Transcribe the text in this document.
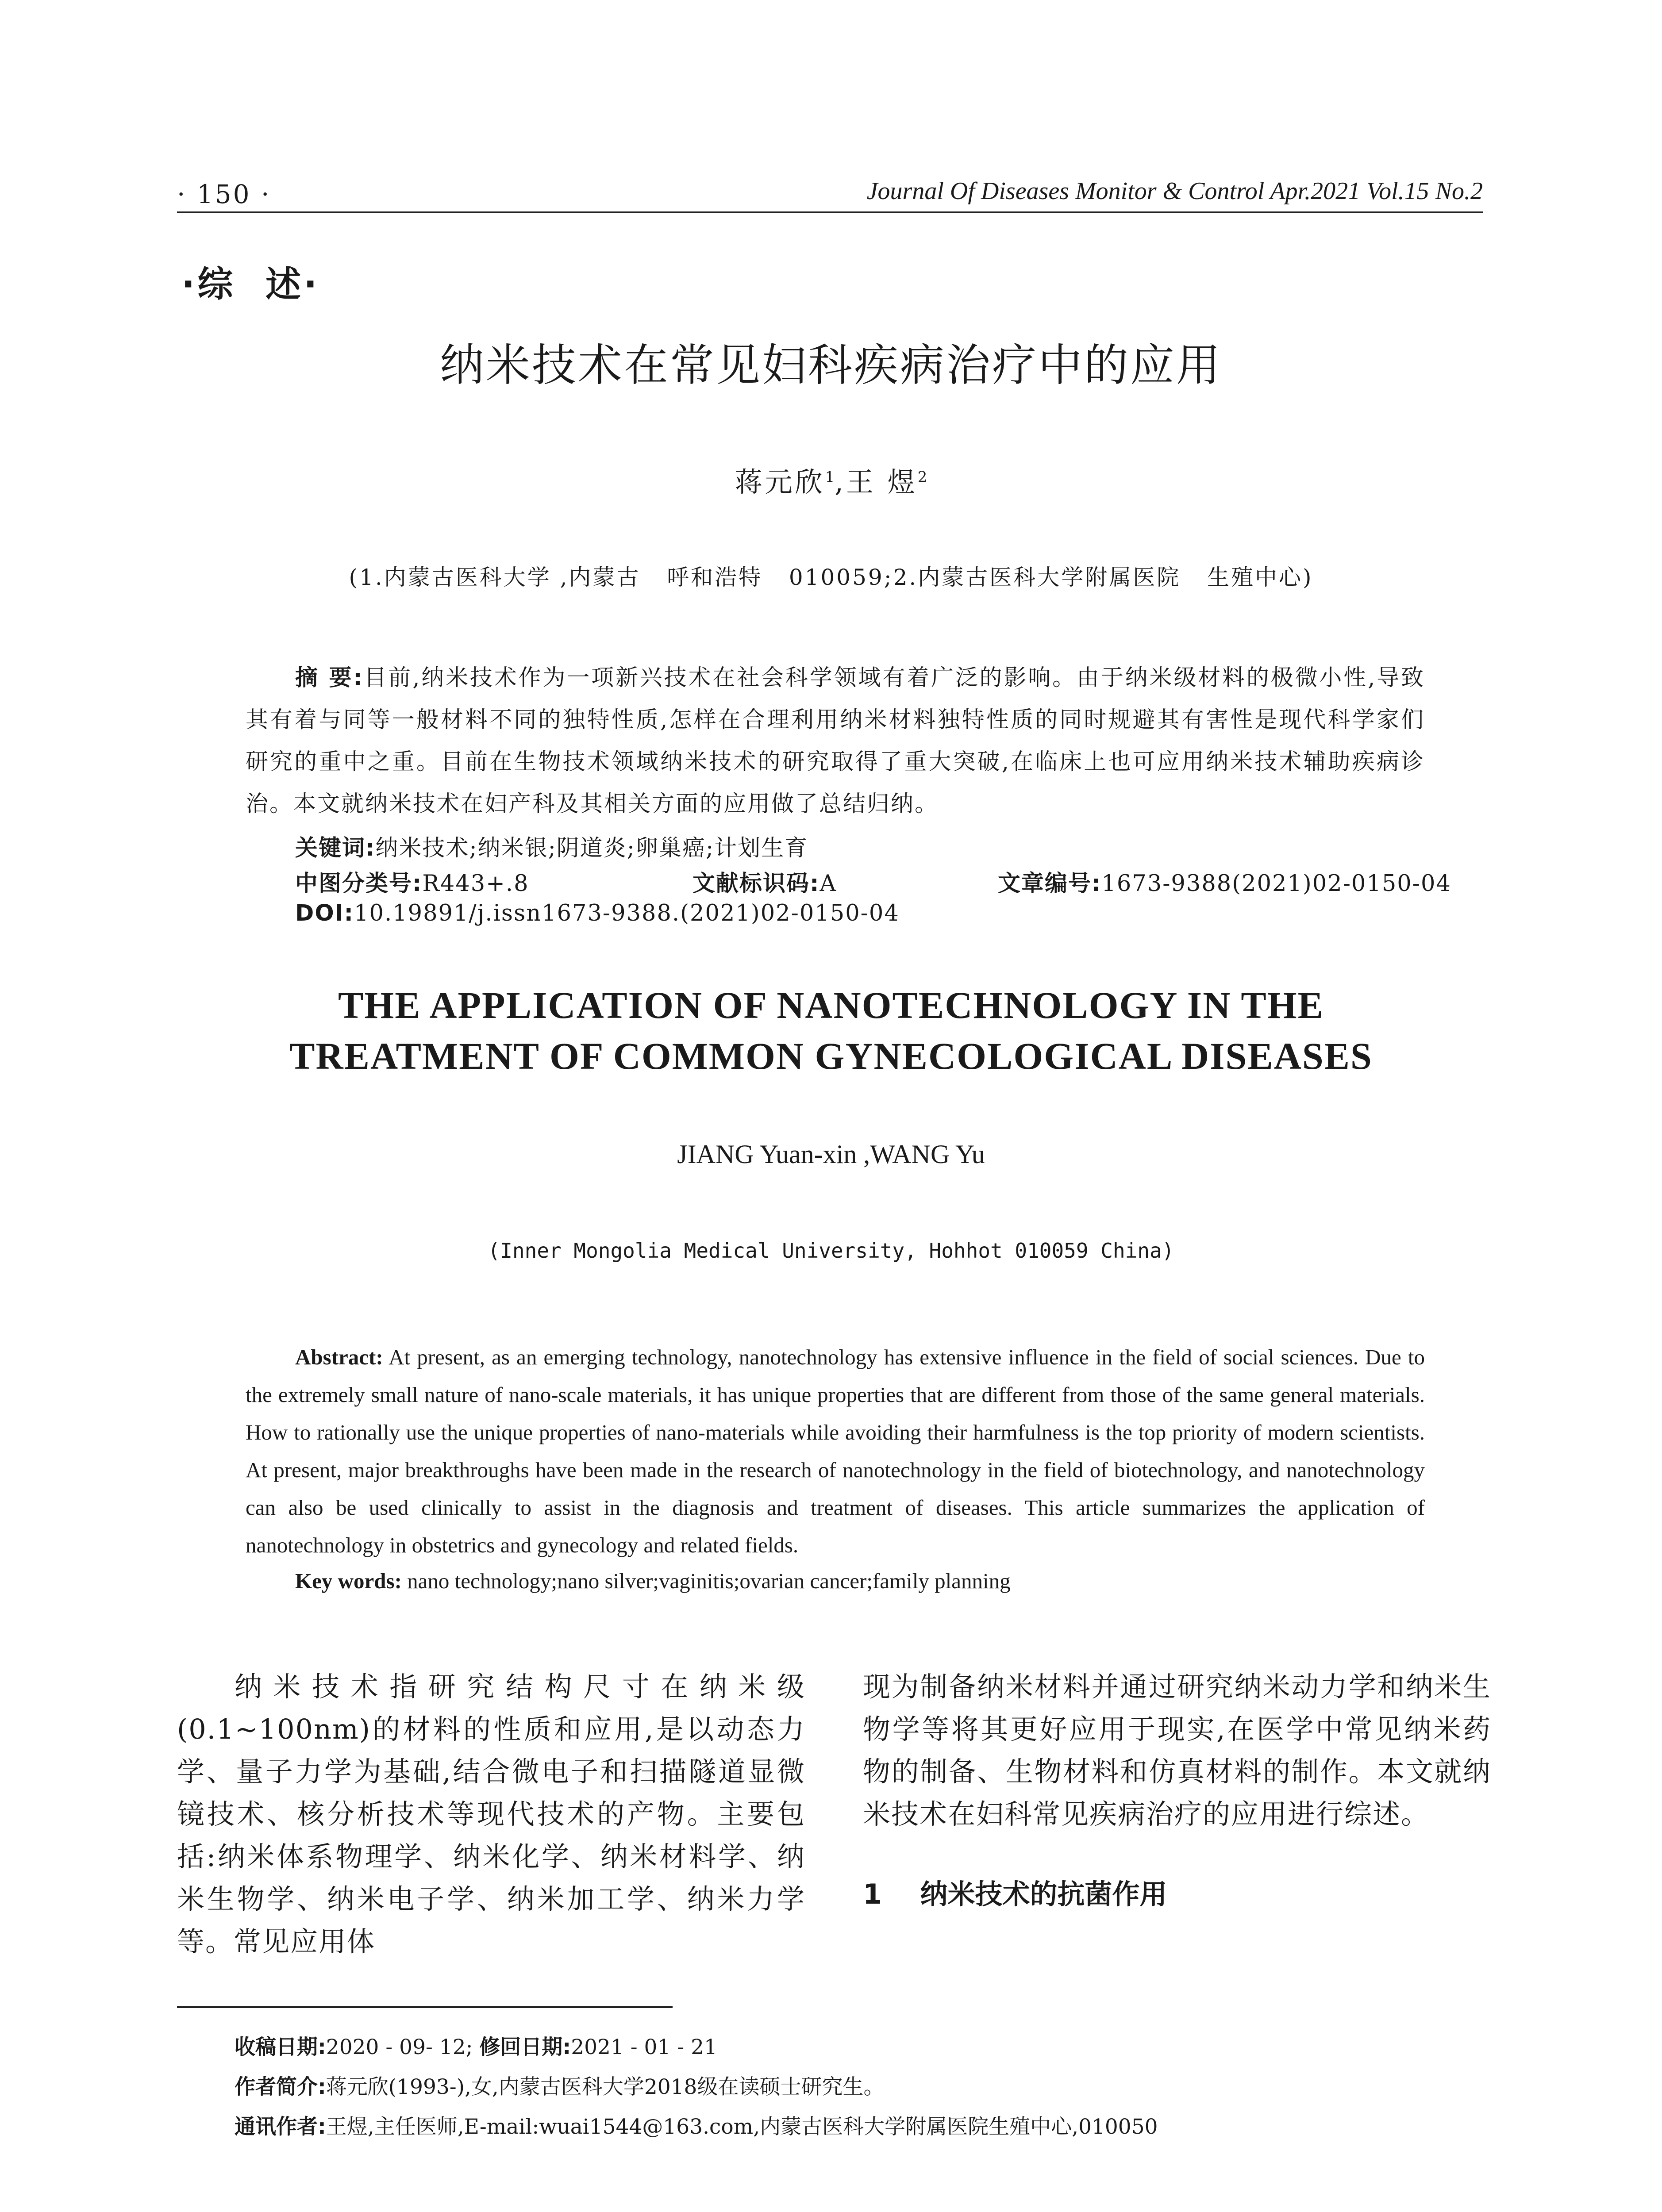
· 150 ·	Journal Of Diseases Monitor & Control Apr.2021 Vol.15 No.2
·综  述·
纳米技术在常见妇科疾病治疗中的应用
蒋元欣$^1$,王 煜$^2$
(1.内蒙古医科大学 ,内蒙古   呼和浩特   010059;2.内蒙古医科大学附属医院   生殖中心)
摘 要:目前,纳米技术作为一项新兴技术在社会科学领域有着广泛的影响。由于纳米级材料的极微小性,导致其有着与同等一般材料不同的独特性质,怎样在合理利用纳米材料独特性质的同时规避其有害性是现代科学家们研究的重中之重。目前在生物技术领域纳米技术的研究取得了重大突破,在临床上也可应用纳米技术辅助疾病诊治。本文就纳米技术在妇产科及其相关方面的应用做了总结归纳。
关键词:纳米技术;纳米银;阴道炎;卵巢癌;计划生育
中图分类号:R443+.8	文献标识码:A	文章编号:1673-9388(2021)02-0150-04
DOI:10.19891/j.issn1673-9388.(2021)02-0150-04
THE APPLICATION OF NANOTECHNOLOGY IN THE
TREATMENT OF COMMON GYNECOLOGICAL DISEASES
JIANG Yuan-xin ,WANG Yu
(Inner Mongolia Medical University, Hohhot 010059 China)
Abstract: At present, as an emerging technology, nanotechnology has extensive influence in the field of social sciences. Due to the extremely small nature of nano-scale materials, it has unique properties that are different from those of the same general materials. How to rationally use the unique properties of nano-materials while avoiding their harmfulness is the top priority of modern scientists. At present, major breakthroughs have been made in the research of nanotechnology in the field of biotechnology, and nanotechnology can also be used clinically to assist in the diagnosis and treatment of diseases. This article summarizes the application of nanotechnology in obstetrics and gynecology and related fields.
Key words: nano technology;nano silver;vaginitis;ovarian cancer;family planning
纳米技术指研究结构尺寸在纳米级(0.1~100nm)的材料的性质和应用,是以动态力学、量子力学为基础,结合微电子和扫描隧道显微镜技术、核分析技术等现代技术的产物。主要包括:纳米体系物理学、纳米化学、纳米材料学、纳米生物学、纳米电子学、纳米加工学、纳米力学等。常见应用体
现为制备纳米材料并通过研究纳米动力学和纳米生物学等将其更好应用于现实,在医学中常见纳米药物的制备、生物材料和仿真材料的制作。本文就纳米技术在妇科常见疾病治疗的应用进行综述。
1    纳米技术的抗菌作用
收稿日期:2020 - 09- 12; 修回日期:2021 - 01 - 21
作者简介:蒋元欣(1993-),女,内蒙古医科大学2018级在读硕士研究生。
通讯作者:王煜,主任医师,E-mail:wuai1544@163.com,内蒙古医科大学附属医院生殖中心,010050
